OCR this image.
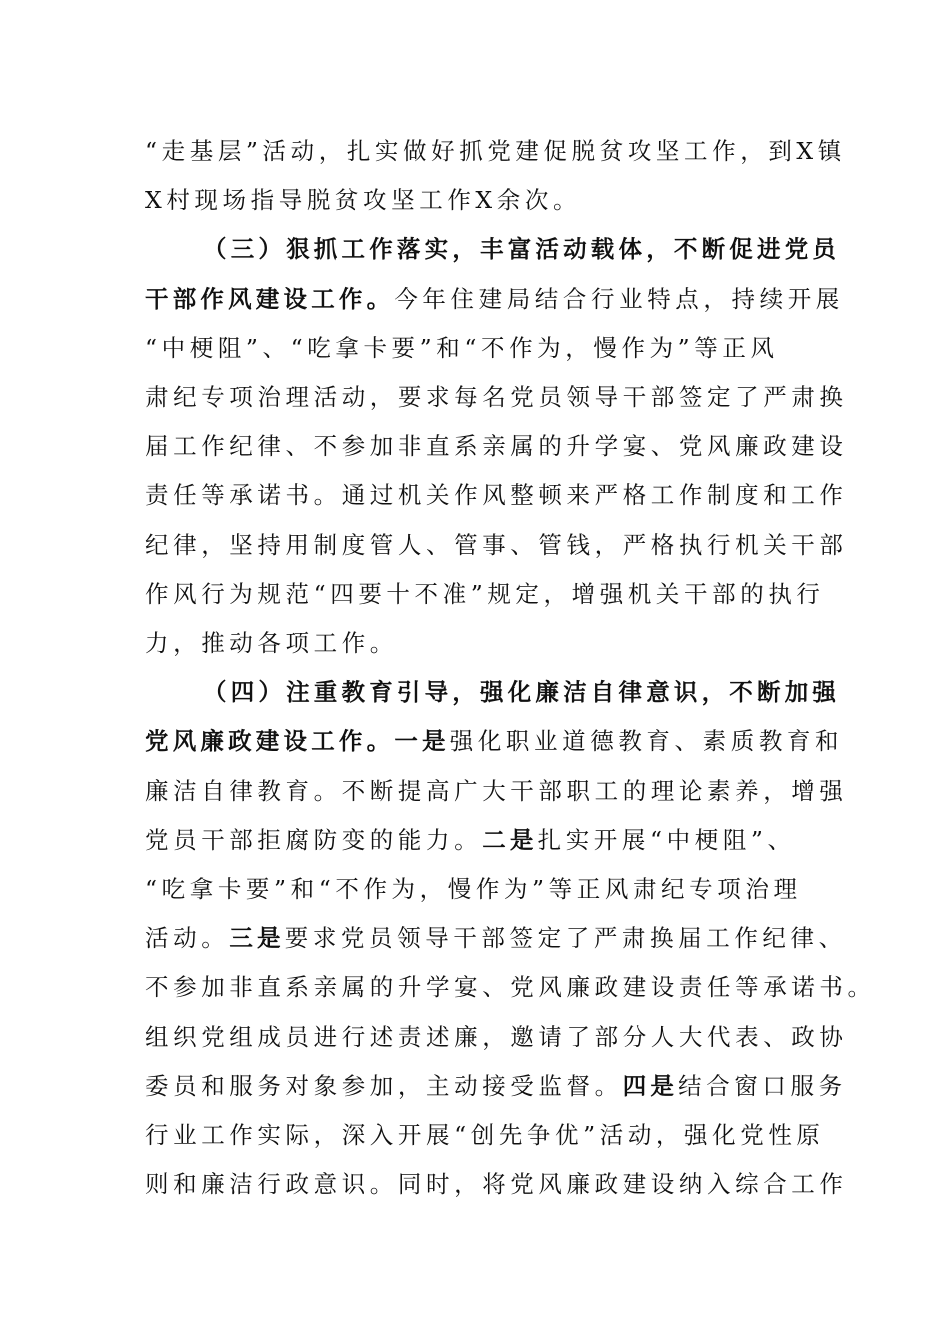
“走基层”活动，扎实做好抓党建促脱贫攻坚工作，到X镇
X村现场指导脱贫攻坚工作X余次。
（三）狠抓工作落实，丰富活动载体，不断促进党员
干部作风建设工作。今年住建局结合行业特点，持续开展
“中梗阻”、“吃拿卡要”和“不作为，慢作为”等正风
肃纪专项治理活动，要求每名党员领导干部签定了严肃换
届工作纪律、不参加非直系亲属的升学宴、党风廉政建设
责任等承诺书。通过机关作风整顿来严格工作制度和工作
纪律，坚持用制度管人、管事、管钱，严格执行机关干部
作风行为规范“四要十不准”规定，增强机关干部的执行
力，推动各项工作。
（四）注重教育引导，强化廉洁自律意识，不断加强
党风廉政建设工作。一是强化职业道德教育、素质教育和
廉洁自律教育。不断提高广大干部职工的理论素养，增强
党员干部拒腐防变的能力。二是扎实开展“中梗阻”、
“吃拿卡要”和“不作为，慢作为”等正风肃纪专项治理
活动。三是要求党员领导干部签定了严肃换届工作纪律、
不参加非直系亲属的升学宴、党风廉政建设责任等承诺书。
组织党组成员进行述责述廉，邀请了部分人大代表、政协
委员和服务对象参加，主动接受监督。四是结合窗口服务
行业工作实际，深入开展“创先争优”活动，强化党性原
则和廉洁行政意识。同时，将党风廉政建设纳入综合工作
